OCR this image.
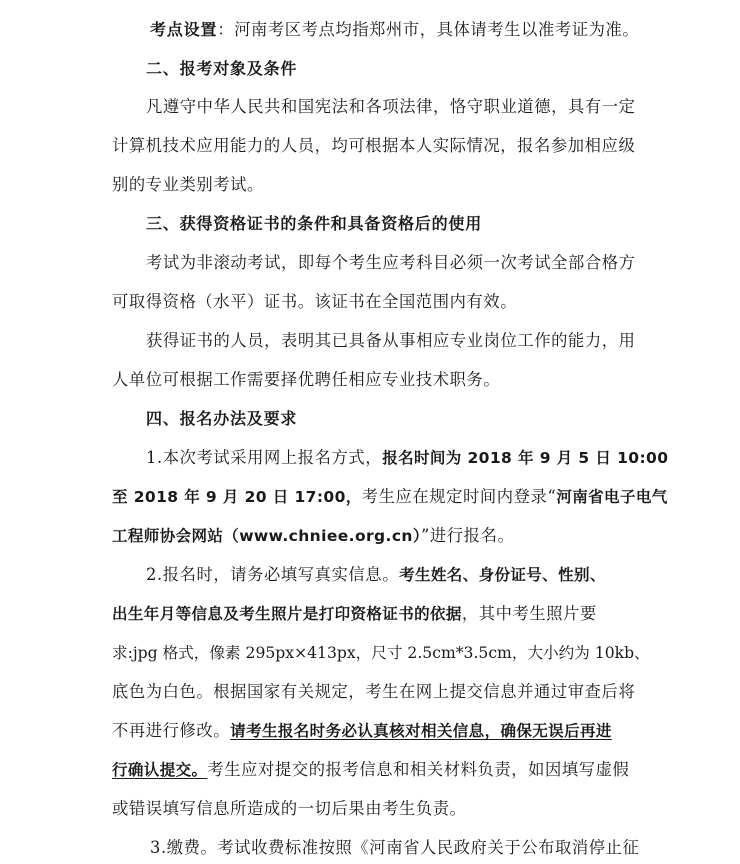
考点设置：河南考区考点均指郑州市，具体请考生以准考证为准。
二、报考对象及条件
凡遵守中华人民共和国宪法和各项法律，恪守职业道德，具有一定
计算机技术应用能力的人员，均可根据本人实际情况，报名参加相应级
别的专业类别考试。
三、获得资格证书的条件和具备资格后的使用
考试为非滚动考试，即每个考生应考科目必须一次考试全部合格方
可取得资格（水平）证书。该证书在全国范围内有效。
获得证书的人员，表明其已具备从事相应专业岗位工作的能力，用
人单位可根据工作需要择优聘任相应专业技术职务。
四、报名办法及要求
1.本次考试采用网上报名方式，报名时间为 2018 年 9 月 5 日 10:00
至 2018 年 9 月 20 日 17:00，考生应在规定时间内登录“河南省电子电气
工程师协会网站（www.chniee.org.cn）”进行报名。
2.报名时，请务必填写真实信息。考生姓名、身份证号、性别、
出生年月等信息及考生照片是打印资格证书的依据，其中考生照片要
求:jpg 格式，像素 295px×413px，尺寸 2.5cm*3.5cm，大小约为 10kb、
底色为白色。根据国家有关规定，考生在网上提交信息并通过审查后将
不再进行修改。请考生报名时务必认真核对相关信息，确保无误后再进
行确认提交。考生应对提交的报考信息和相关材料负责，如因填写虚假
或错误填写信息所造成的一切后果由考生负责。
3.缴费。考试收费标准按照《河南省人民政府关于公布取消停止征
